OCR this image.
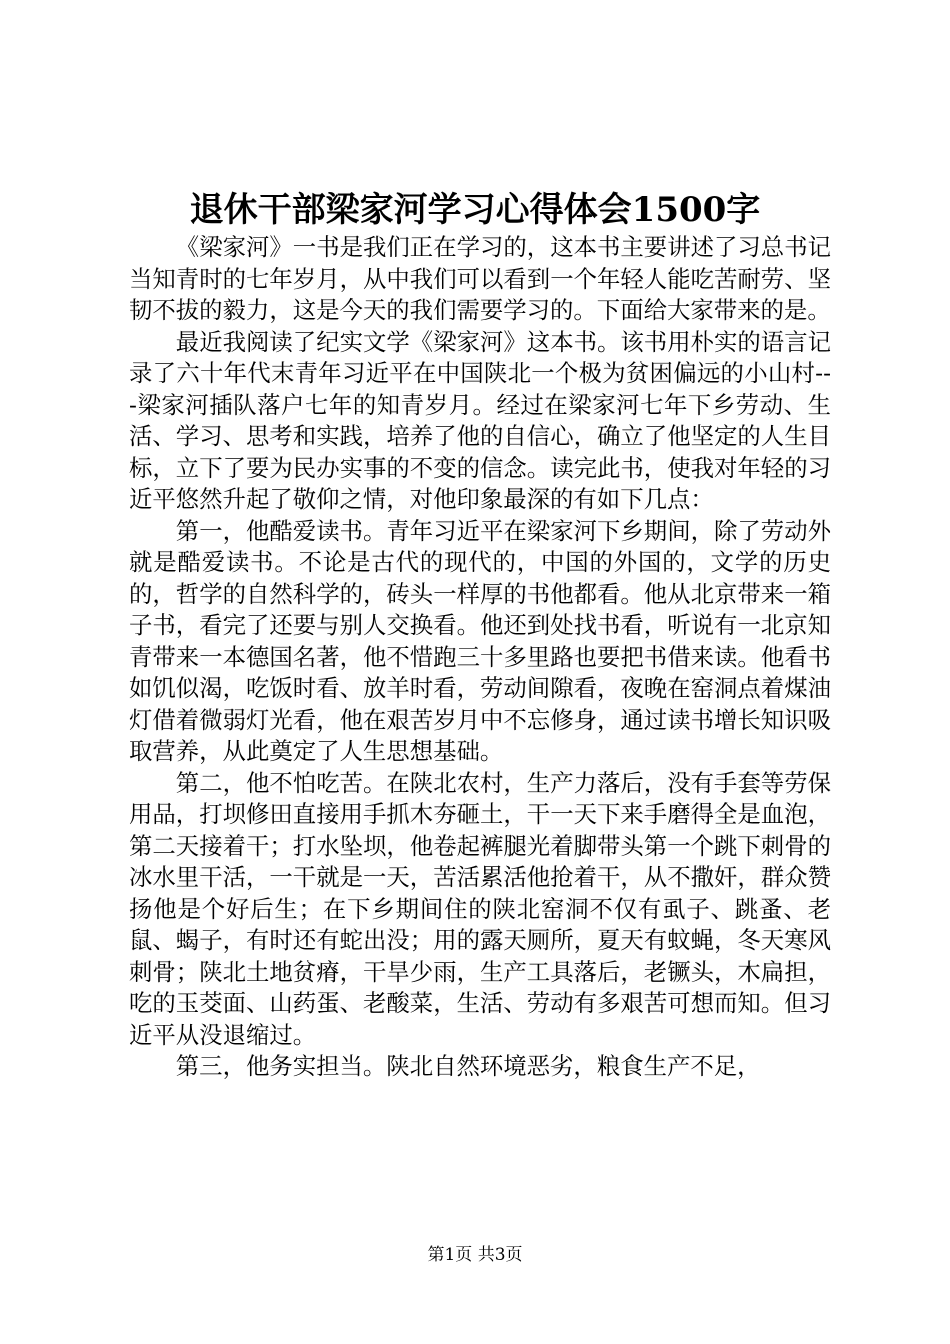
退休干部梁家河学习心得体会1500字

《梁家河》一书是我们正在学习的，这本书主要讲述了习总书记当知青时的七年岁月，从中我们可以看到一个年轻人能吃苦耐劳、坚韧不拔的毅力，这是今天的我们需要学习的。下面给大家带来的是。

最近我阅读了纪实文学《梁家河》这本书。该书用朴实的语言记录了六十年代末青年习近平在中国陕北一个极为贫困偏远的小山村---梁家河插队落户七年的知青岁月。经过在梁家河七年下乡劳动、生活、学习、思考和实践，培养了他的自信心，确立了他坚定的人生目标，立下了要为民办实事的不变的信念。读完此书，使我对年轻的习近平悠然升起了敬仰之情，对他印象最深的有如下几点：

第一，他酷爱读书。青年习近平在梁家河下乡期间，除了劳动外就是酷爱读书。不论是古代的现代的，中国的外国的，文学的历史的，哲学的自然科学的，砖头一样厚的书他都看。他从北京带来一箱子书，看完了还要与别人交换看。他还到处找书看，听说有一北京知青带来一本德国名著，他不惜跑三十多里路也要把书借来读。他看书如饥似渴，吃饭时看、放羊时看，劳动间隙看，夜晚在窑洞点着煤油灯借着微弱灯光看，他在艰苦岁月中不忘修身，通过读书增长知识吸取营养，从此奠定了人生思想基础。

第二，他不怕吃苦。在陕北农村，生产力落后，没有手套等劳保用品，打坝修田直接用手抓木夯砸土，干一天下来手磨得全是血泡，第二天接着干；打水坠坝，他卷起裤腿光着脚带头第一个跳下刺骨的冰水里干活，一干就是一天，苦活累活他抢着干，从不撒奸，群众赞扬他是个好后生；在下乡期间住的陕北窑洞不仅有虱子、跳蚤、老鼠、蝎子，有时还有蛇出没；用的露天厕所，夏天有蚊蝇，冬天寒风刺骨；陕北土地贫瘠，干旱少雨，生产工具落后，老镢头，木扁担，吃的玉茭面、山药蛋、老酸菜，生活、劳动有多艰苦可想而知。但习近平从没退缩过。

第三，他务实担当。陕北自然环境恶劣，粮食生产不足，

第1页 共3页
